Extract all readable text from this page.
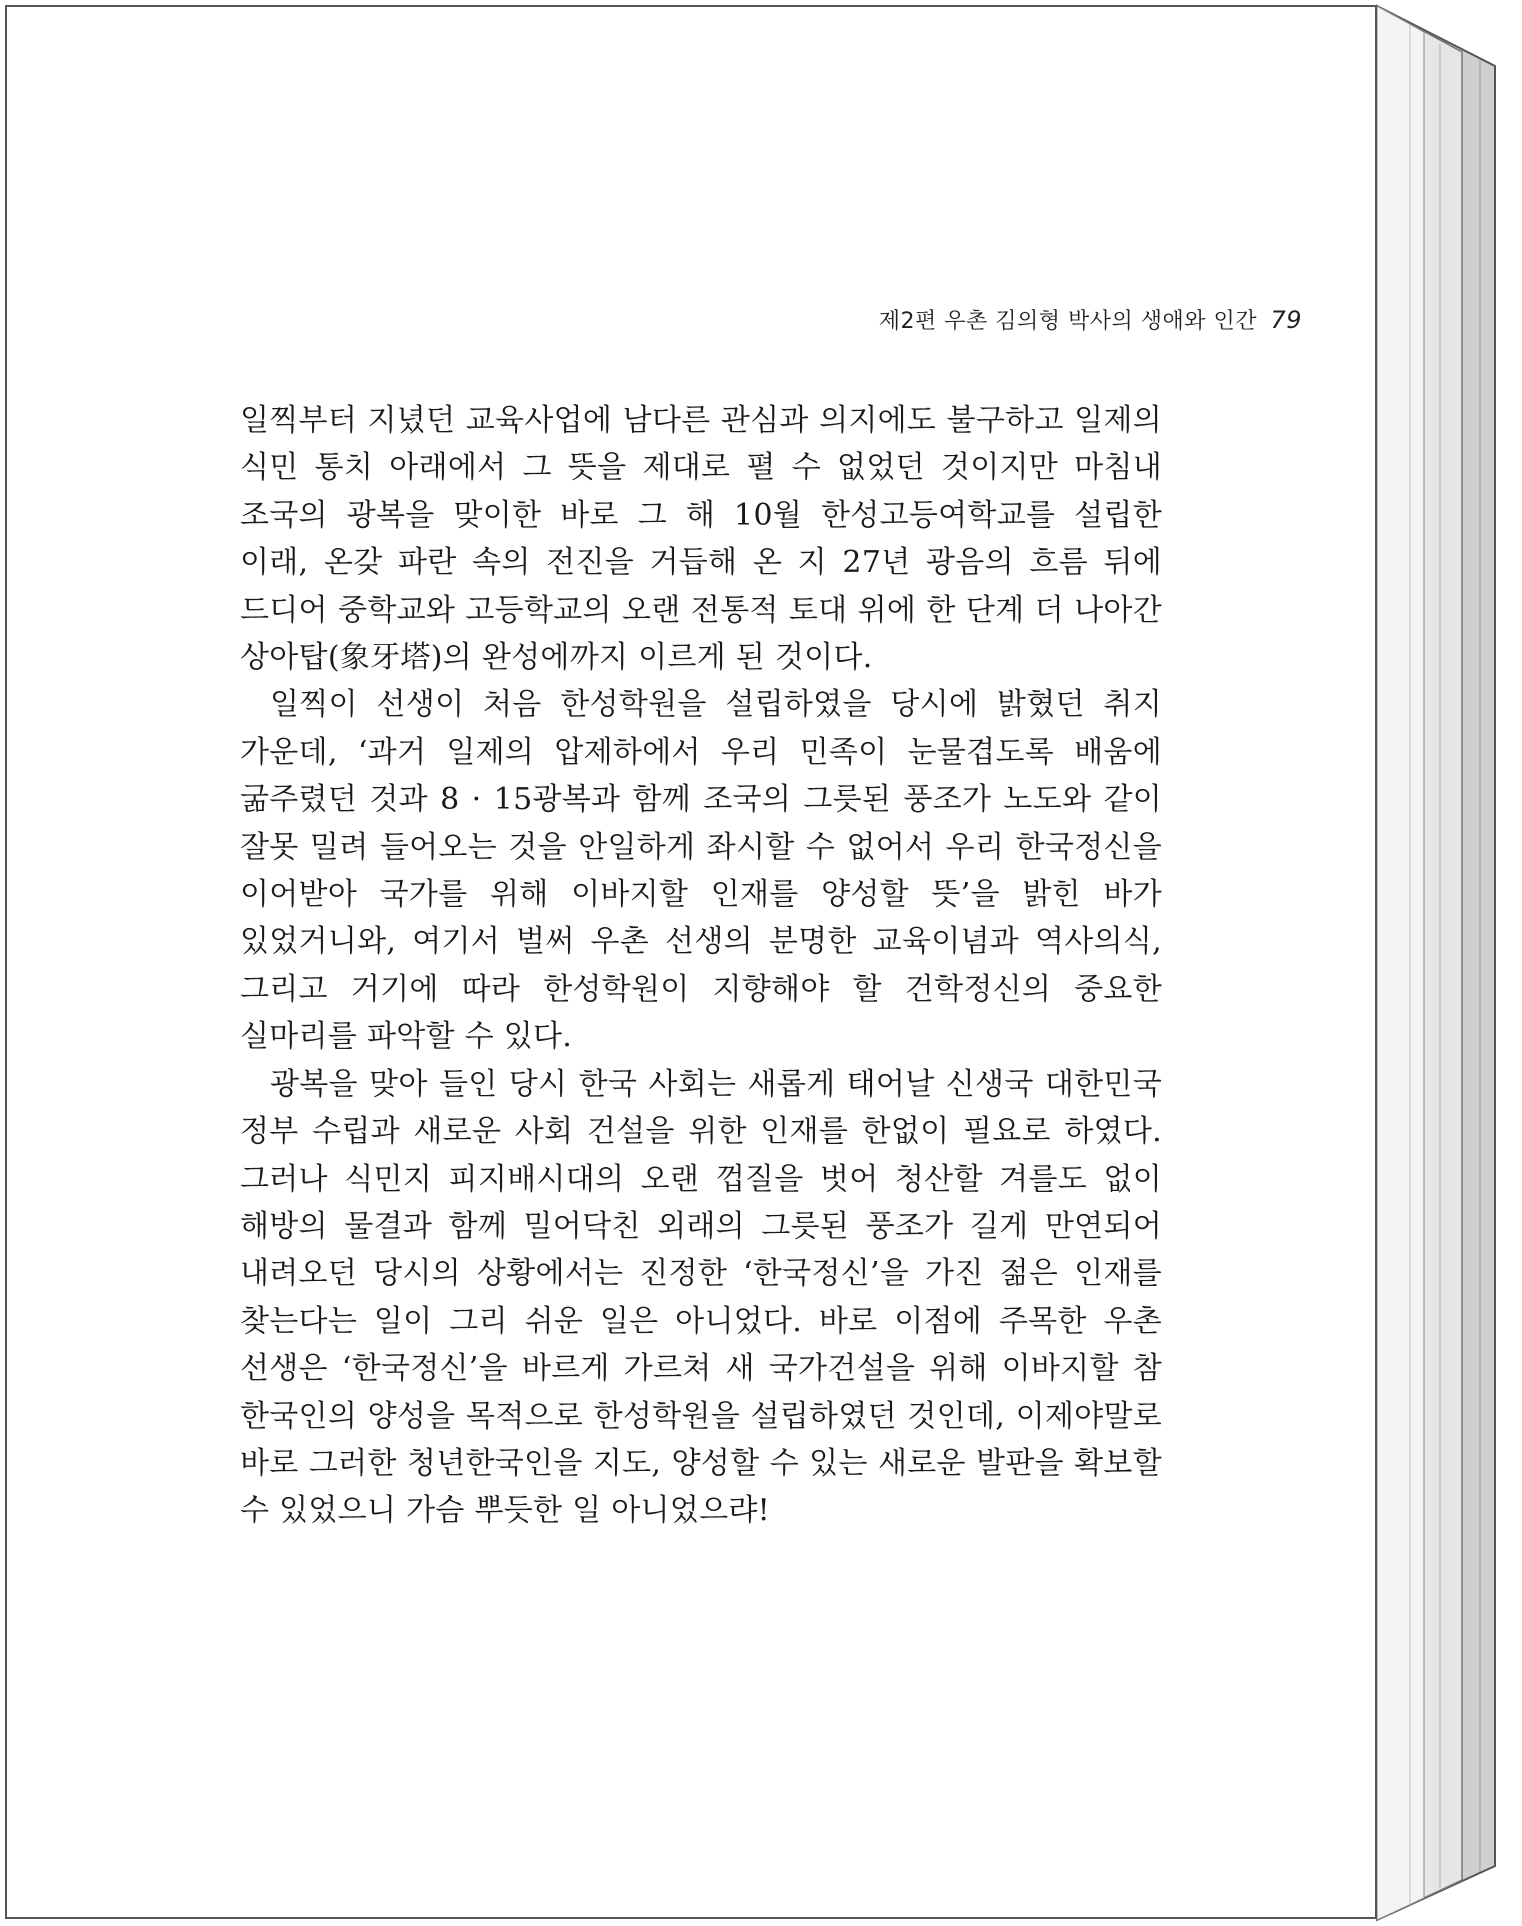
제2편 우촌 김의형 박사의 생애와 인간 79

일찍부터 지녔던 교육사업에 남다른 관심과 의지에도 불구하고 일제의 식민 통치 아래에서 그 뜻을 제대로 펼 수 없었던 것이지만 마침내 조국의 광복을 맞이한 바로 그 해 10월 한성고등여학교를 설립한 이래, 온갖 파란 속의 전진을 거듭해 온 지 27년 광음의 흐름 뒤에 드디어 중학교와 고등학교의 오랜 전통적 토대 위에 한 단계 더 나아간 상아탑(象牙塔)의 완성에까지 이르게 된 것이다.

일찍이 선생이 처음 한성학원을 설립하였을 당시에 밝혔던 취지 가운데, ‘과거 일제의 압제하에서 우리 민족이 눈물겹도록 배움에 굶주렸던 것과 8 · 15광복과 함께 조국의 그릇된 풍조가 노도와 같이 잘못 밀려 들어오는 것을 안일하게 좌시할 수 없어서 우리 한국정신을 이어받아 국가를 위해 이바지할 인재를 양성할 뜻’을 밝힌 바가 있었거니와, 여기서 벌써 우촌 선생의 분명한 교육이념과 역사의식, 그리고 거기에 따라 한성학원이 지향해야 할 건학정신의 중요한 실마리를 파악할 수 있다.

광복을 맞아 들인 당시 한국 사회는 새롭게 태어날 신생국 대한민국 정부 수립과 새로운 사회 건설을 위한 인재를 한없이 필요로 하였다. 그러나 식민지 피지배시대의 오랜 껍질을 벗어 청산할 겨를도 없이 해방의 물결과 함께 밀어닥친 외래의 그릇된 풍조가 길게 만연되어 내려오던 당시의 상황에서는 진정한 ‘한국정신’을 가진 젊은 인재를 찾는다는 일이 그리 쉬운 일은 아니었다. 바로 이점에 주목한 우촌 선생은 ‘한국정신’을 바르게 가르쳐 새 국가건설을 위해 이바지할 참 한국인의 양성을 목적으로 한성학원을 설립하였던 것인데, 이제야말로 바로 그러한 청년한국인을 지도, 양성할 수 있는 새로운 발판을 확보할 수 있었으니 가슴 뿌듯한 일 아니었으랴!
